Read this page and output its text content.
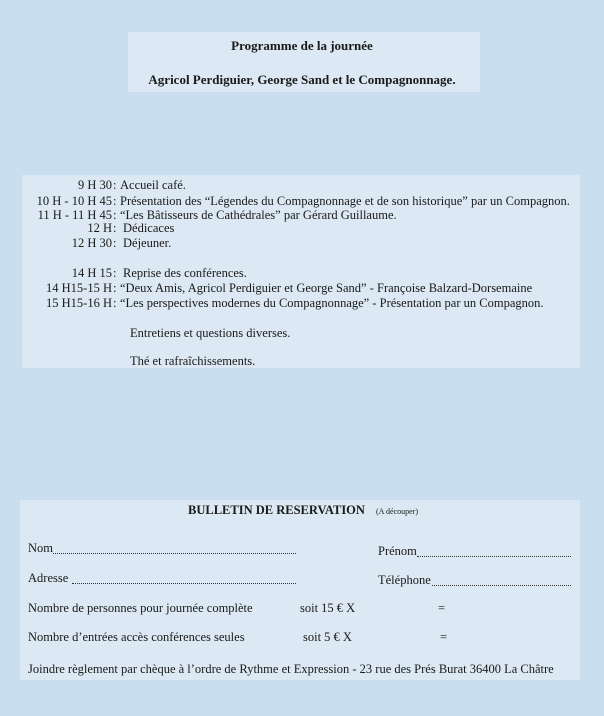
Programme de la journée
Agricol Perdiguier, George Sand et le Compagnonnage.
9 H 30 : Accueil café.
10 H - 10 H 45 : Présentation des “Légendes du Compagnonnage et de son historique” par un Compagnon.
11 H - 11 H 45 : “Les Bâtisseurs de Cathédrales” par Gérard Guillaume.
12 H : Dédicaces
12 H 30 : Déjeuner.
14 H 15 : Reprise des conférences.
14 H15-15 H : “Deux Amis, Agricol Perdiguier et George Sand” - Françoise Balzard-Dorsemaine
15 H15-16 H : “Les perspectives modernes du Compagnonnage” - Présentation par un Compagnon.
Entretiens et questions diverses.
Thé et rafraîchissements.
BULLETIN DE RESERVATION (A découper)
Nom	Prénom
Adresse	Téléphone
Nombre de personnes pour journée complète	soit 15 € X	=
Nombre d’entrées accès conférences seules	soit 5 € X	=
Joindre règlement par chèque à l’ordre de Rythme et Expression - 23 rue des Prés Burat 36400 La Châtre
